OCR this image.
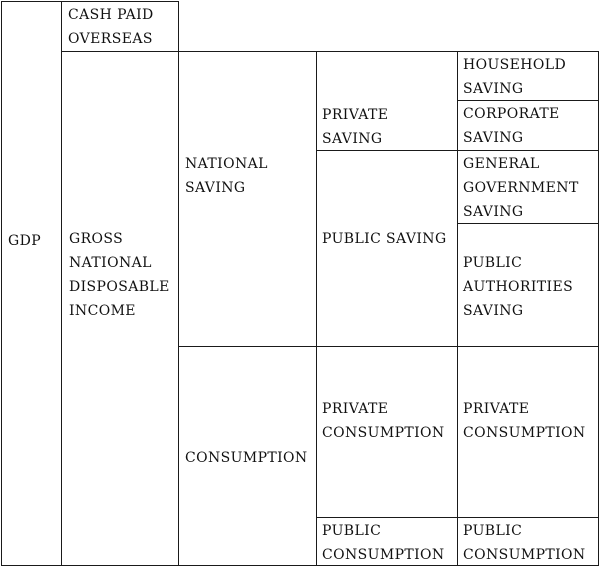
GDP
CASH PAID
OVERSEAS
GROSS
NATIONAL
DISPOSABLE
INCOME
NATIONAL
SAVING
CONSUMPTION
PRIVATE
SAVING
PUBLIC SAVING
PRIVATE
CONSUMPTION
PUBLIC
CONSUMPTION
HOUSEHOLD
SAVING
CORPORATE
SAVING
GENERAL
GOVERNMENT
SAVING
PUBLIC
AUTHORITIES
SAVING
PRIVATE
CONSUMPTION
PUBLIC
CONSUMPTION
